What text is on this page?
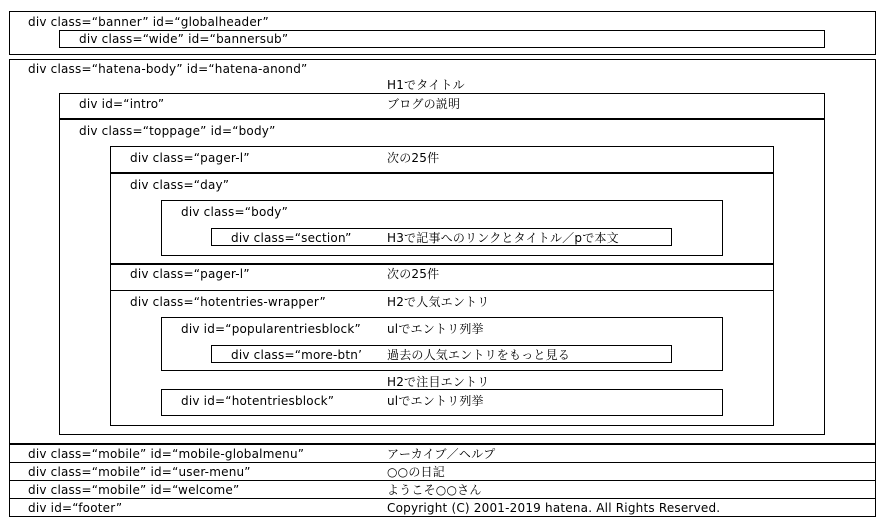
div class=“banner” id=“globalheader”
div class=“wide” id=“bannersub”
div class=“hatena-body” id=“hatena-anond”
H1でタイトル
div id=“intro”	ブログの説明
div class=“toppage” id=“body”
div class=“pager-l”	次の25件
div class=“day”
div class=“body”
div class=“section”	H3で記事へのリンクとタイトル／pで本文
div class=“pager-l”	次の25件
div class=“hotentries-wrapper”	H2で人気エントリ
div id=“popularentriesblock” ulでエントリ列挙
div class=“more-btn’ 過去の人気エントリをもっと見る
H2で注目エントリ
div id=“hotentriesblock”	ulでエントリ列挙
div class=“mobile” id=“mobile-globalmenu”	アーカイブ／ヘルプ
div class=“mobile” id=“user-menu”	○○の日記
div class=“mobile” id=“welcome”	ようこそ○○さん
div id=“footer”	Copyright (C) 2001-2019 hatena. All Rights Reserved.
